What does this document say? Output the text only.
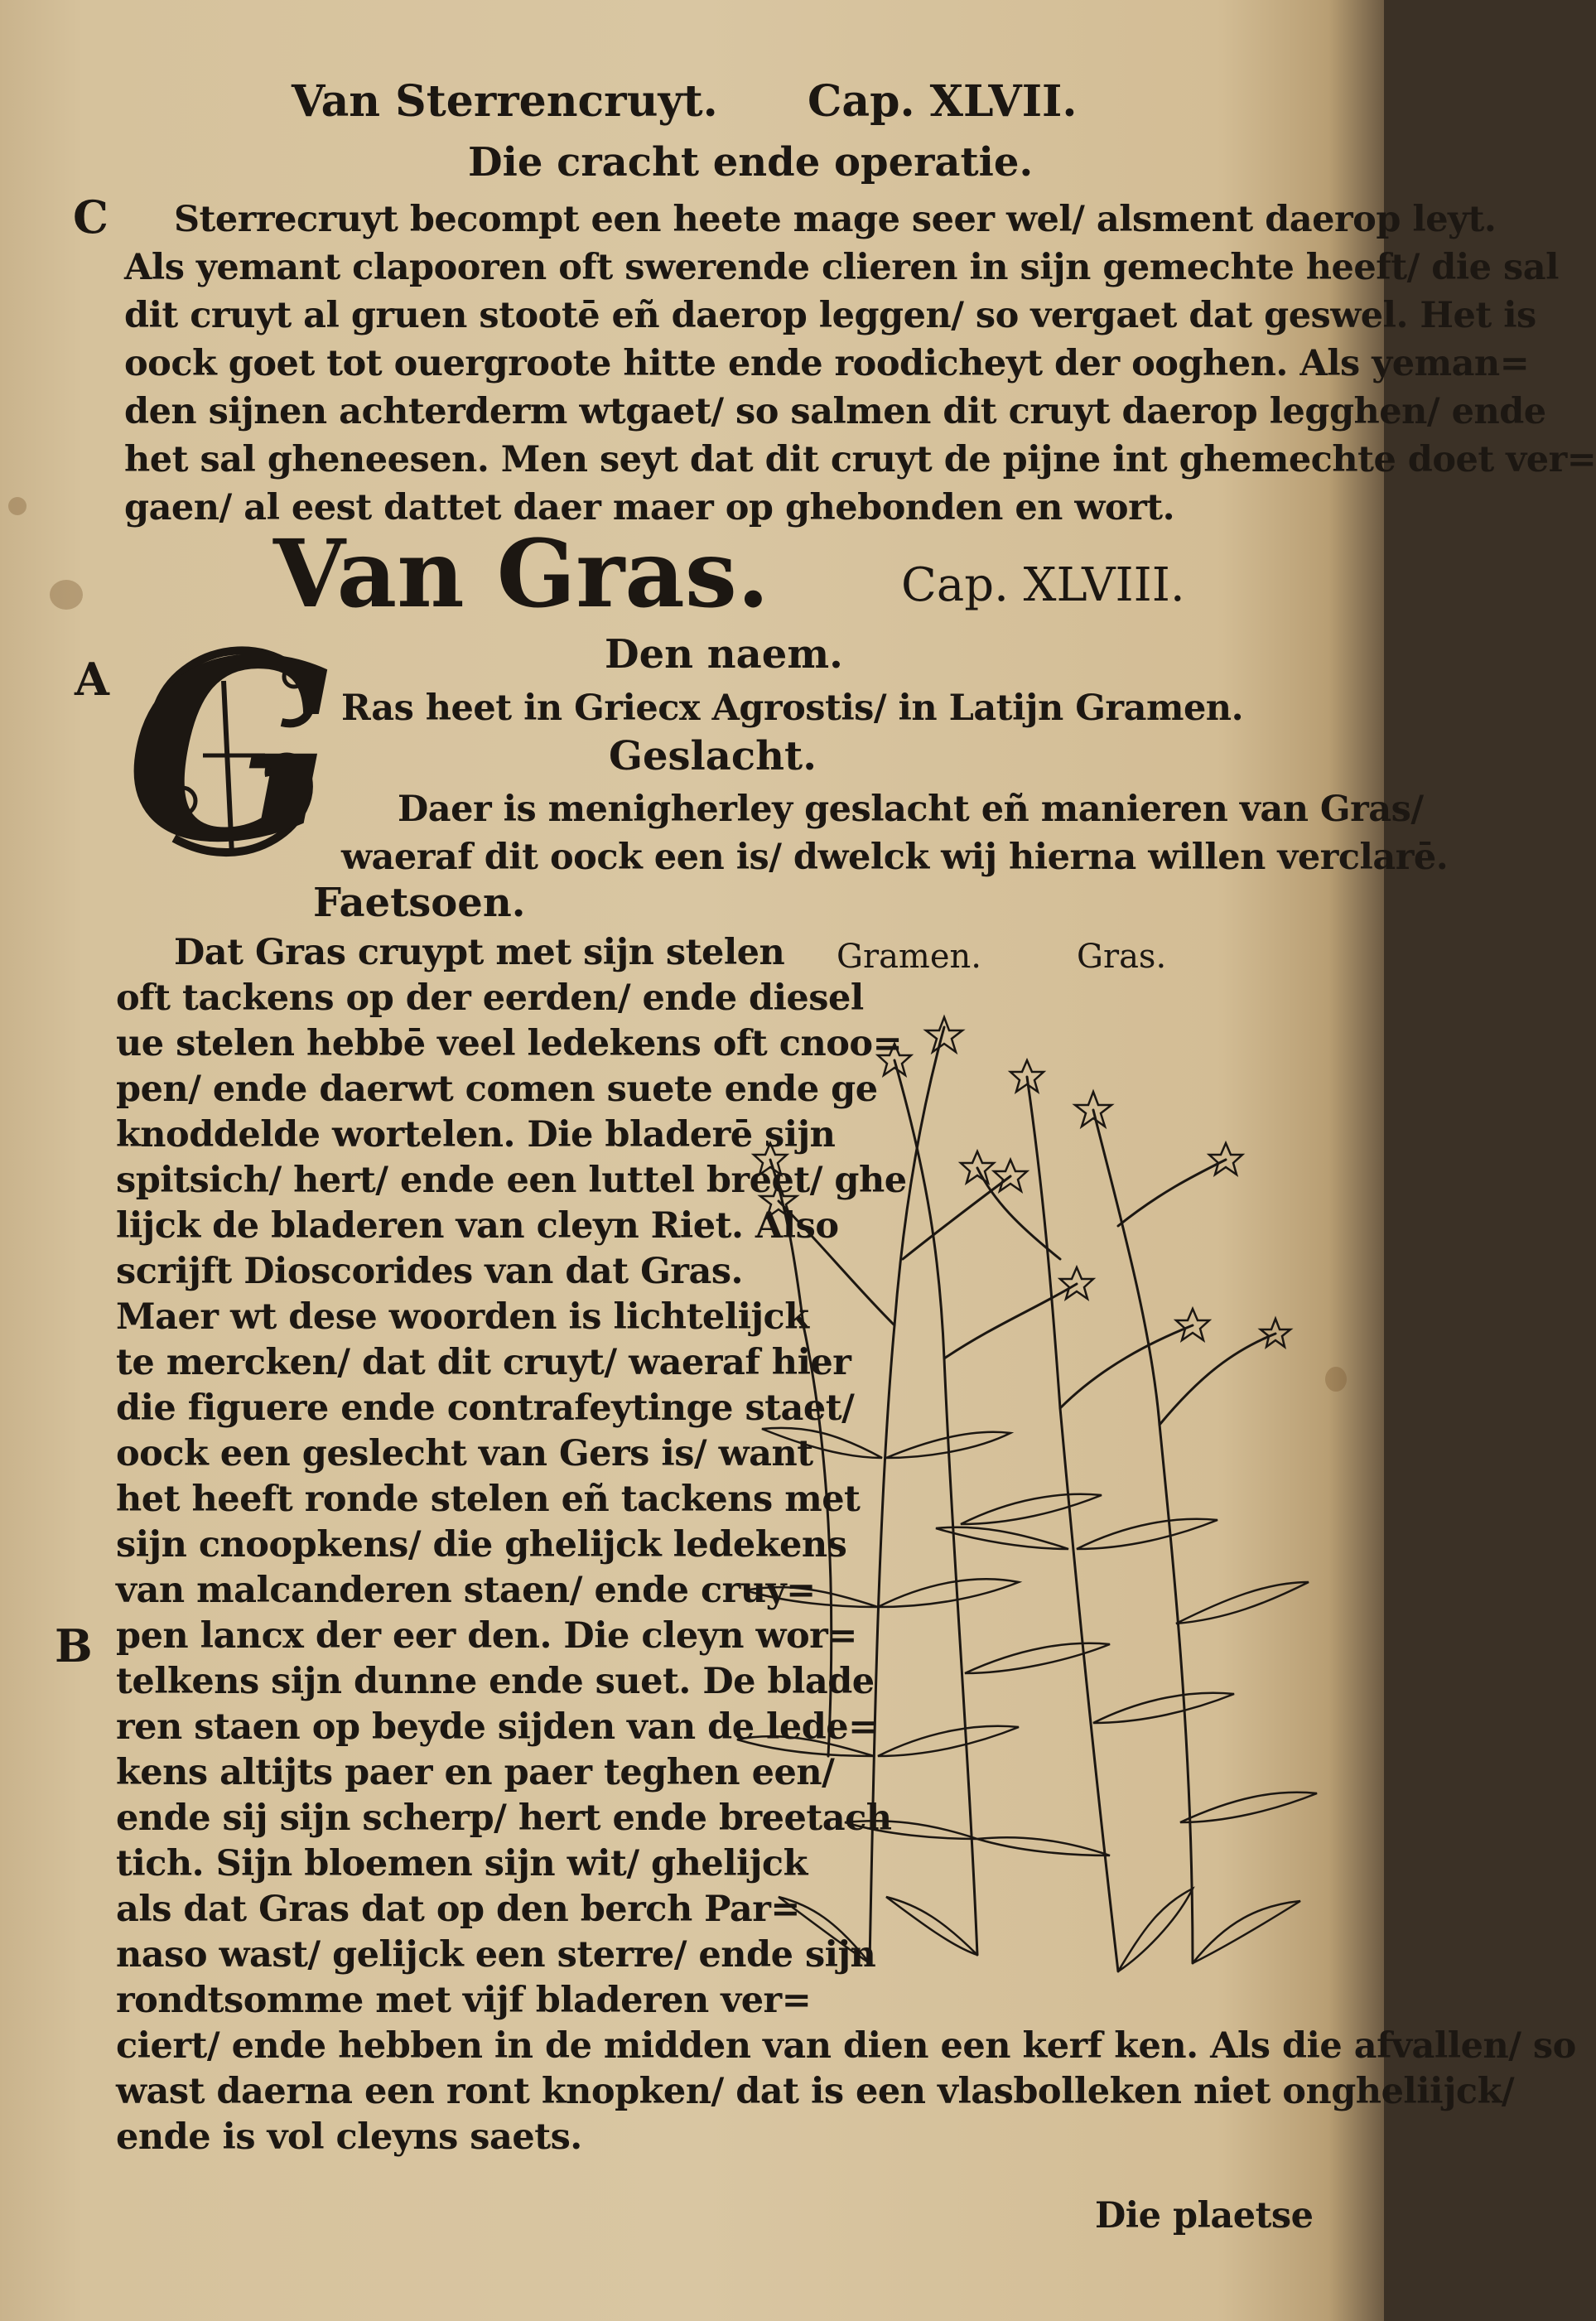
Van Sterrencruyt. Cap. XLVII.
Die cracht ende operatie.
C Sterrecruyt becompt een heete mage seer wel/ alsment daerop leyt.
Als yemant clapooren oft swerende clieren in sijn gemechte heeft/ die sal
dit cruyt al gruen stootē eñ daerop leggen/ so vergaet dat geswel. Het is
oock goet tot ouergroote hitte ende roodicheyt der ooghen. Als yeman=
den sijnen achterderm wtgaet/ so salmen dit cruyt daerop legghen/ ende
het sal gheneesen. Men seyt dat dit cruyt de pijne int ghemechte doet ver=
gaen/ al eest dattet daer maer op ghebonden en wort.
Van Gras.	Cap. XLVIII.
G
A	Den naem.
Ras heet in Griecx Agrostis/ in Latijn Gramen.
Geslacht.
Daer is menigherley geslacht eñ manieren van Gras/
waeraf dit oock een is/ dwelck wij hierna willen verclarē.
Faetsoen.
Gramen.	Gras.
Dat Gras cruypt met sijn stelen
oft tackens op der eerden/ ende diesel
ue stelen hebbē veel ledekens oft cnoo=
pen/ ende daerwt comen suete ende ge
knoddelde wortelen. Die bladerē sijn
spitsich/ hert/ ende een luttel breet/ ghe
lijck de bladeren van cleyn Riet. Also
scrijft Dioscorides van dat Gras.
Maer wt dese woorden is lichtelijck
te mercken/ dat dit cruyt/ waeraf hier
die figuere ende contrafeytinge staet/
oock een geslecht van Gers is/ want
het heeft ronde stelen eñ tackens met
sijn cnoopkens/ die ghelijck ledekens
van malcanderen staen/ ende cruy=
pen lancx der eer den. Die cleyn wor=
telkens sijn dunne ende suet. De blade
ren staen op beyde sijden van de lede=
kens altijts paer en paer teghen een/
ende sij sijn scherp/ hert ende breetach
tich. Sijn bloemen sijn wit/ ghelijck
als dat Gras dat op den berch Par=
naso wast/ gelijck een sterre/ ende sijn
rondtsomme met vijf bladeren ver=
ciert/ ende hebben in de midden van dien een kerf ken. Als die afvallen/ so
wast daerna een ront knopken/ dat is een vlasbolleken niet ongheliĳck/
ende is vol cleyns saets.
B
Die plaetse
